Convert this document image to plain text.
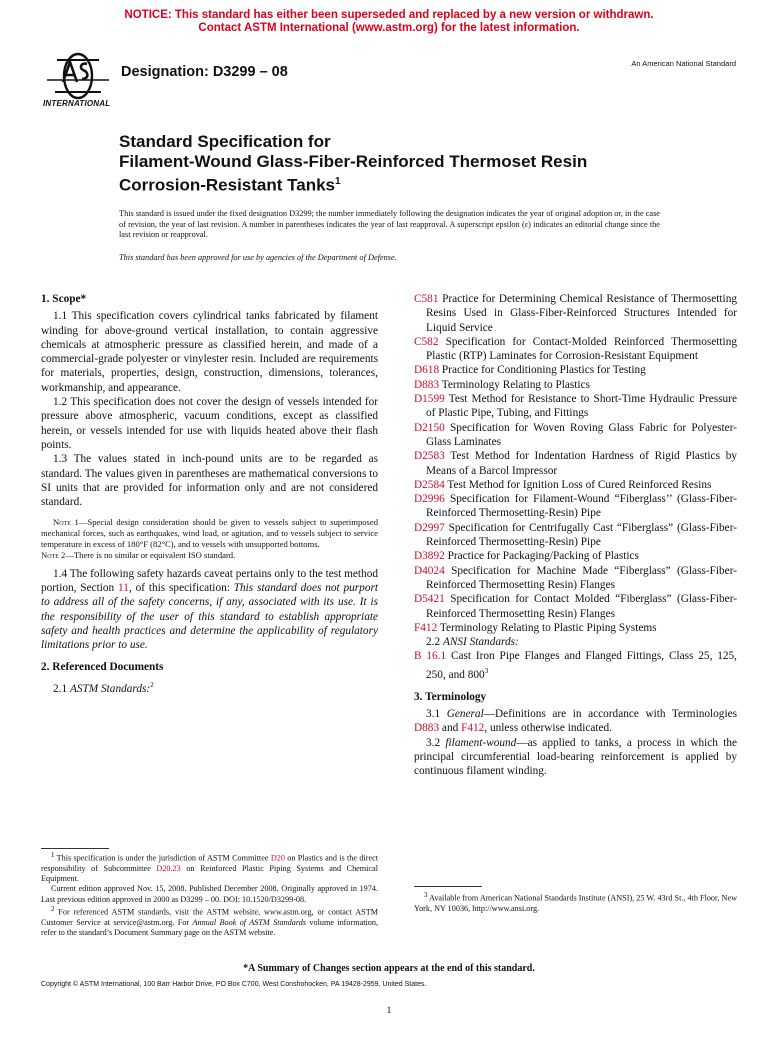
NOTICE: This standard has either been superseded and replaced by a new version or withdrawn.
Contact ASTM International (www.astm.org) for the latest information.
INTERNATIONAL
Designation: D3299 – 08
An American National Standard
Standard Specification for
Filament-Wound Glass-Fiber-Reinforced Thermoset Resin
Corrosion-Resistant Tanks$^1$
This standard is issued under the fixed designation D3299; the number immediately following the designation indicates the year of original adoption or, in the case of revision, the year of last revision. A number in parentheses indicates the year of last reapproval. A superscript epsilon (ε) indicates an editorial change since the last revision or reapproval.
This standard has been approved for use by agencies of the Department of Defense.
1. Scope*
1.1 This specification covers cylindrical tanks fabricated by filament winding for above-ground vertical installation, to contain aggressive chemicals at atmospheric pressure as classified herein, and made of a commercial-grade polyester or vinylester resin. Included are requirements for materials, properties, design, construction, dimensions, tolerances, workmanship, and appearance.
1.2 This specification does not cover the design of vessels intended for pressure above atmospheric, vacuum conditions, except as classified herein, or vessels intended for use with liquids heated above their flash points.
1.3 The values stated in inch-pound units are to be regarded as standard. The values given in parentheses are mathematical conversions to SI units that are provided for information only and are not considered standard.
Note 1—Special design consideration should be given to vessels subject to superimposed mechanical forces, such as earthquakes, wind load, or agitation, and to vessels subject to service temperature in excess of 180°F (82°C), and to vessels with unsupported bottoms.
Note 2—There is no similar or equivalent ISO standard.
1.4 The following safety hazards caveat pertains only to the test method portion, Section 11, of this specification: This standard does not purport to address all of the safety concerns, if any, associated with its use. It is the responsibility of the user of this standard to establish appropriate safety and health practices and determine the applicability of regulatory limitations prior to use.
2. Referenced Documents
2.1 ASTM Standards:$^2$
C581 Practice for Determining Chemical Resistance of Thermosetting Resins Used in Glass-Fiber-Reinforced Structures Intended for Liquid Service
C582 Specification for Contact-Molded Reinforced Thermosetting Plastic (RTP) Laminates for Corrosion-Resistant Equipment
D618 Practice for Conditioning Plastics for Testing
D883 Terminology Relating to Plastics
D1599 Test Method for Resistance to Short-Time Hydraulic Pressure of Plastic Pipe, Tubing, and Fittings
D2150 Specification for Woven Roving Glass Fabric for Polyester-Glass Laminates
D2583 Test Method for Indentation Hardness of Rigid Plastics by Means of a Barcol Impressor
D2584 Test Method for Ignition Loss of Cured Reinforced Resins
D2996 Specification for Filament-Wound “Fiberglass’’ (Glass-Fiber-Reinforced Thermosetting-Resin) Pipe
D2997 Specification for Centrifugally Cast “Fiberglass” (Glass-Fiber-Reinforced Thermosetting-Resin) Pipe
D3892 Practice for Packaging/Packing of Plastics
D4024 Specification for Machine Made “Fiberglass” (Glass-Fiber-Reinforced Thermosetting Resin) Flanges
D5421 Specification for Contact Molded “Fiberglass” (Glass-Fiber-Reinforced Thermosetting Resin) Flanges
F412 Terminology Relating to Plastic Piping Systems
2.2 ANSI Standards:
B 16.1 Cast Iron Pipe Flanges and Flanged Fittings, Class 25, 125, 250, and $800^3$
3. Terminology
3.1 General—Definitions are in accordance with Terminologies D883 and F412, unless otherwise indicated.
3.2 filament-wound—as applied to tanks, a process in which the principal circumferential load-bearing reinforcement is applied by continuous filament winding.
$^1$ This specification is under the jurisdiction of ASTM Committee D20 on Plastics and is the direct responsibility of Subcommittee D20.23 on Reinforced Plastic Piping Systems and Chemical Equipment.
Current edition approved Nov. 15, 2008. Published December 2008. Originally approved in 1974. Last previous edition approved in 2000 as D3299 – 00. DOI: 10.1520/D3299-08.
$^2$ For referenced ASTM standards, visit the ASTM website, www.astm.org, or contact ASTM Customer Service at service@astm.org. For Annual Book of ASTM Standards volume information, refer to the standard’s Document Summary page on the ASTM website.
$^3$ Available from American National Standards Institute (ANSI), 25 W. 43rd St., 4th Floor, New York, NY 10036, http://www.ansi.org.
*A Summary of Changes section appears at the end of this standard.
Copyright © ASTM International, 100 Barr Harbor Drive, PO Box C700, West Conshohocken, PA 19428-2959, United States.
1
